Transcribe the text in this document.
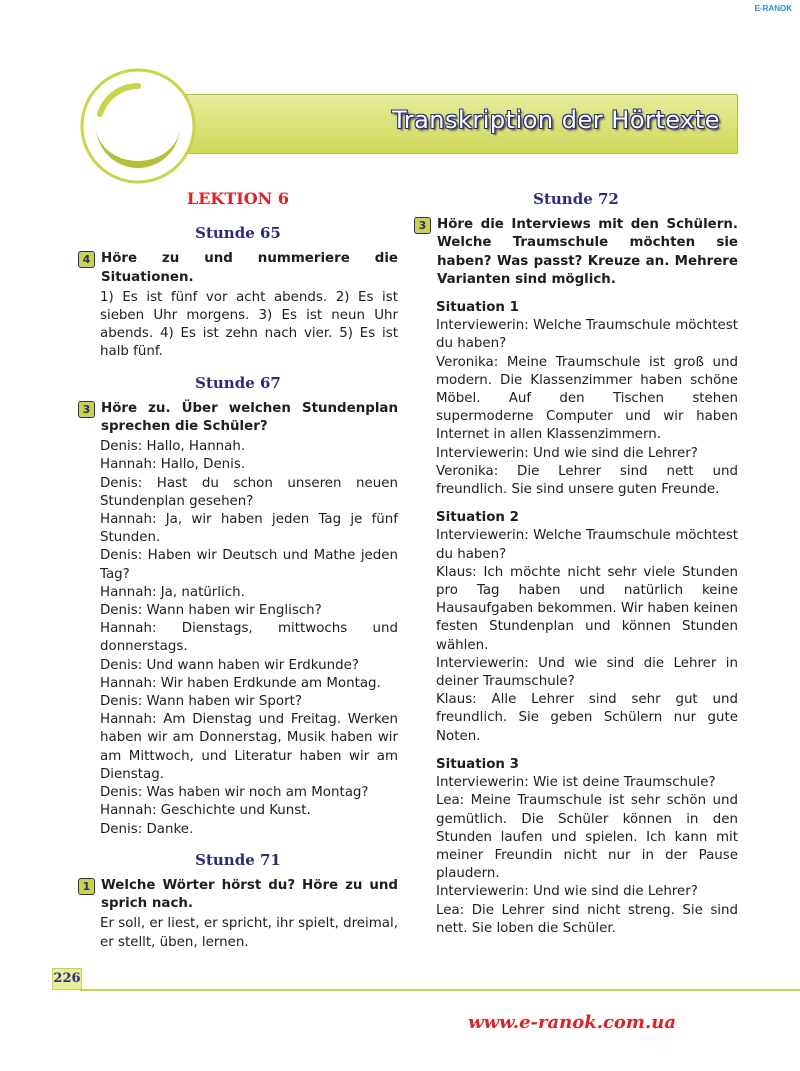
E-RANOK
Transkription der Hörtexte
LEKTION 6
Stunde 65
4 Höre zu und nummeriere die Situationen.

1) Es ist fünf vor acht abends. 2) Es ist sieben Uhr morgens. 3) Es ist neun Uhr abends. 4) Es ist zehn nach vier. 5) Es ist halb fünf.

Stunde 67
3 Höre zu. Über welchen Stundenplan sprechen die Schüler?

Denis: Hallo, Hannah.

Hannah: Hallo, Denis.

Denis: Hast du schon unseren neuen Stundenplan gesehen?

Hannah: Ja, wir haben jeden Tag je fünf Stunden.

Denis: Haben wir Deutsch und Mathe jeden Tag?

Hannah: Ja, natürlich.

Denis: Wann haben wir Englisch?

Hannah: Dienstags, mittwochs und donnerstags.

Denis: Und wann haben wir Erdkunde?

Hannah: Wir haben Erdkunde am Montag.

Denis: Wann haben wir Sport?

Hannah: Am Dienstag und Freitag. Werken haben wir am Donnerstag, Musik haben wir am Mittwoch, und Literatur haben wir am Dienstag.

Denis: Was haben wir noch am Montag?

Hannah: Geschichte und Kunst.

Denis: Danke.

Stunde 71
1 Welche Wörter hörst du? Höre zu und sprich nach.

Er soll, er liest, er spricht, ihr spielt, dreimal, er stellt, üben, lernen.

Stunde 72
3 Höre die Interviews mit den Schülern. Welche Traumschule möchten sie haben? Was passt? Kreuze an. Mehrere Varianten sind möglich.
Situation 1

Interviewerin: Welche Traumschule möchtest du haben?

Veronika: Meine Traumschule ist groß und modern. Die Klassenzimmer haben schöne Möbel. Auf den Tischen stehen supermoderne Computer und wir haben Internet in allen Klassenzimmern.

Interviewerin: Und wie sind die Lehrer?

Veronika: Die Lehrer sind nett und freundlich. Sie sind unsere guten Freunde.

Situation 2

Interviewerin: Welche Traumschule möchtest du haben?

Klaus: Ich möchte nicht sehr viele Stunden pro Tag haben und natürlich keine Hausaufgaben bekommen. Wir haben keinen festen Stundenplan und können Stunden wählen.

Interviewerin: Und wie sind die Lehrer in deiner Traumschule?

Klaus: Alle Lehrer sind sehr gut und freundlich. Sie geben Schülern nur gute Noten.

Situation 3

Interviewerin: Wie ist deine Traumschule?

Lea: Meine Traumschule ist sehr schön und gemütlich. Die Schüler können in den Stunden laufen und spielen. Ich kann mit meiner Freundin nicht nur in der Pause plaudern.

Interviewerin: Und wie sind die Lehrer?

Lea: Die Lehrer sind nicht streng. Sie sind nett. Sie loben die Schüler.

226
www.e-ranok.com.ua
